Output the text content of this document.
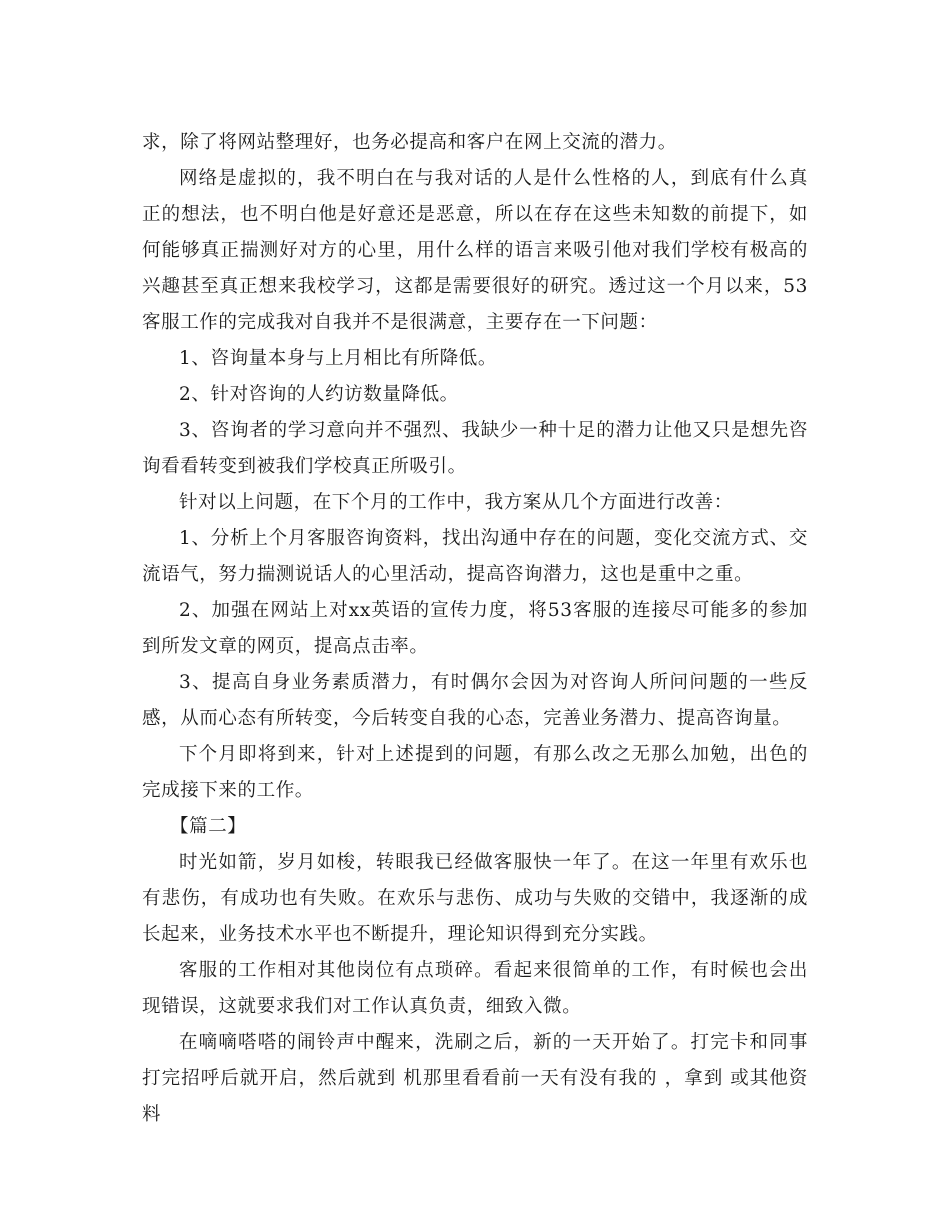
求，除了将网站整理好，也务必提高和客户在网上交流的潜力。

网络是虚拟的，我不明白在与我对话的人是什么性格的人，到底有什么真正的想法，也不明白他是好意还是恶意，所以在存在这些未知数的前提下，如何能够真正揣测好对方的心里，用什么样的语言来吸引他对我们学校有极高的兴趣甚至真正想来我校学习，这都是需要很好的研究。透过这一个月以来，53客服工作的完成我对自我并不是很满意，主要存在一下问题：

1、咨询量本身与上月相比有所降低。

2、针对咨询的人约访数量降低。

3、咨询者的学习意向并不强烈、我缺少一种十足的潜力让他又只是想先咨询看看转变到被我们学校真正所吸引。

针对以上问题，在下个月的工作中，我方案从几个方面进行改善：

1、分析上个月客服咨询资料，找出沟通中存在的问题，变化交流方式、交流语气，努力揣测说话人的心里活动，提高咨询潜力，这也是重中之重。

2、加强在网站上对xx英语的宣传力度，将53客服的连接尽可能多的参加到所发文章的网页，提高点击率。

3、提高自身业务素质潜力，有时偶尔会因为对咨询人所问问题的一些反感，从而心态有所转变，今后转变自我的心态，完善业务潜力、提高咨询量。

下个月即将到来，针对上述提到的问题，有那么改之无那么加勉，出色的完成接下来的工作。

【篇二】

时光如箭，岁月如梭，转眼我已经做客服快一年了。在这一年里有欢乐也有悲伤，有成功也有失败。在欢乐与悲伤、成功与失败的交错中，我逐渐的成长起来，业务技术水平也不断提升，理论知识得到充分实践。

客服的工作相对其他岗位有点琐碎。看起来很简单的工作，有时候也会出现错误，这就要求我们对工作认真负责，细致入微。

在嘀嘀嗒嗒的闹铃声中醒来，洗刷之后，新的一天开始了。打完卡和同事打完招呼后就开启，然后就到 机那里看看前一天有没有我的 ，拿到 或其他资料
